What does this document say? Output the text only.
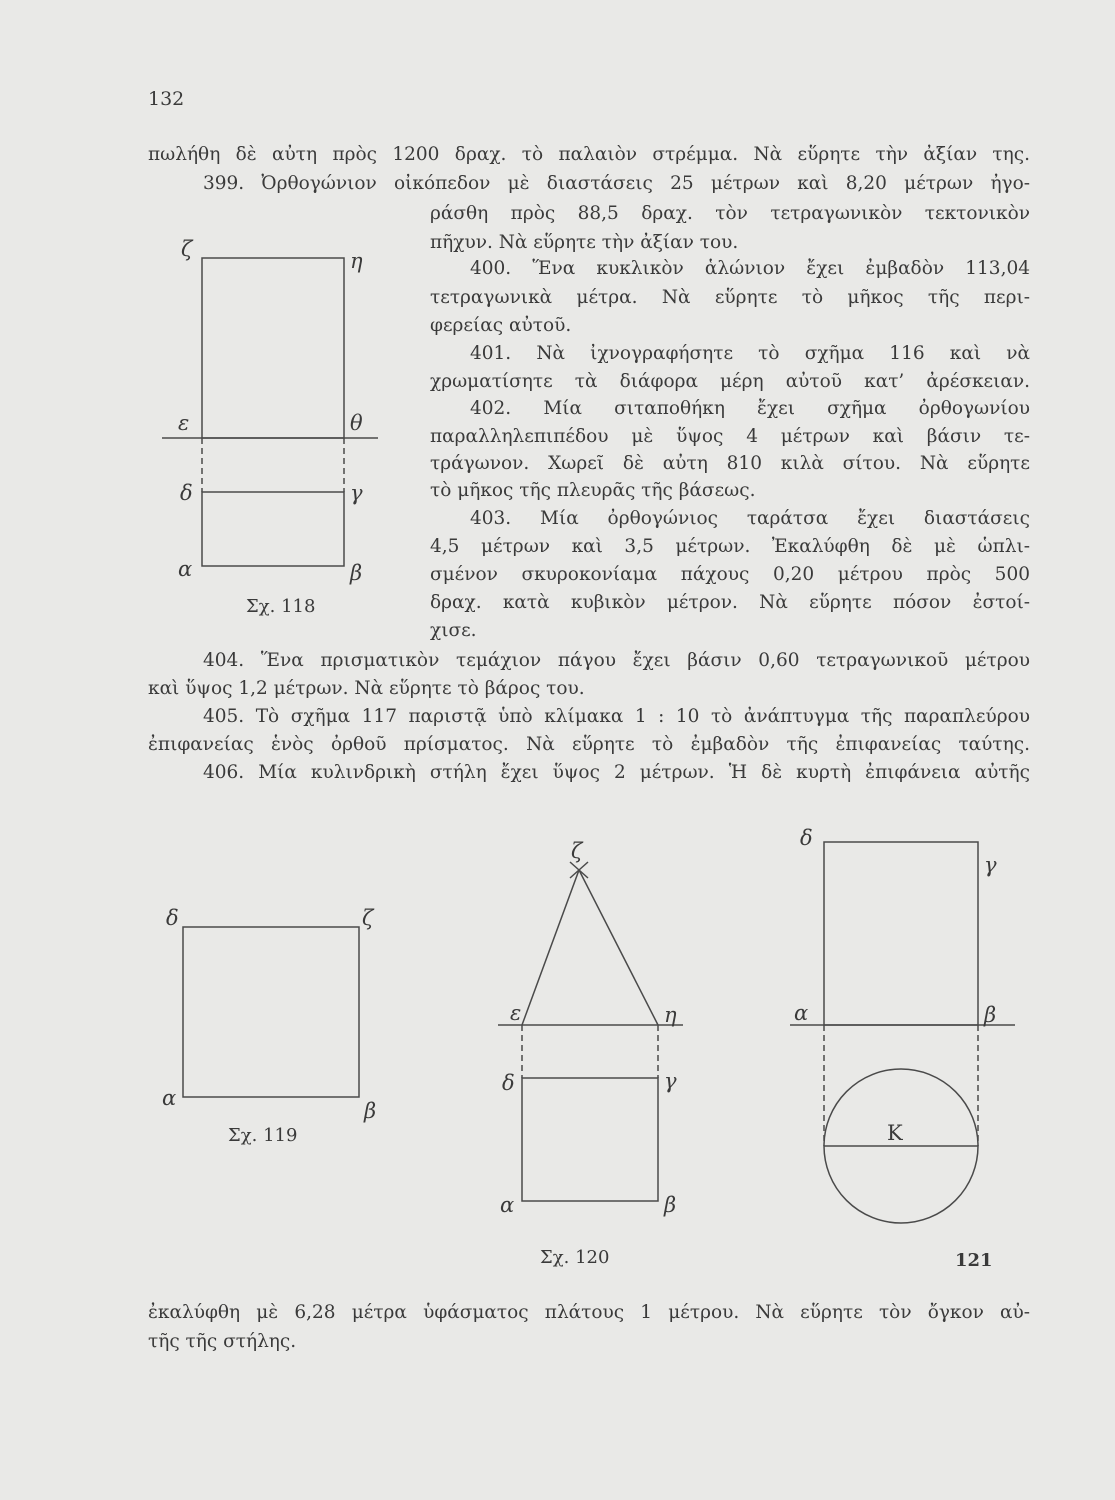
132
πωλήθη δὲ αὐτη πρὸς 1200 δραχ. τὸ παλαιὸν στρέμμα. Νὰ εὕρητε τὴν ἀξίαν της.
399. Ὀρθογώνιον οἰκόπεδον μὲ διαστάσεις 25 μέτρων καὶ 8,20 μέτρων ἠγο-
ράσθη πρὸς 88,5 δραχ. τὸν τετραγωνικὸν τεκτονικὸν
πῆχυν. Νὰ εὕρητε τὴν ἀξίαν του.
400. Ἕνα κυκλικὸν ἁλώνιον ἔχει ἐμβαδὸν 113,04
τετραγωνικὰ μέτρα. Νὰ εὕρητε τὸ μῆκος τῆς περι-
φερείας αὐτοῦ.
401. Νὰ ἰχνογραφήσητε τὸ σχῆμα 116 καὶ νὰ
χρωματίσητε τὰ διάφορα μέρη αὐτοῦ κατ’ ἀρέσκειαν.
402. Μία σιταποθήκη ἔχει σχῆμα ὀρθογωνίου
παραλληλεπιπέδου μὲ ὕψος 4 μέτρων καὶ βάσιν τε-
τράγωνον. Χωρεῖ δὲ αὐτη 810 κιλὰ σίτου. Νὰ εὕρητε
τὸ μῆκος τῆς πλευρᾶς τῆς βάσεως.
403. Μία ὀρθογώνιος ταράτσα ἔχει διαστάσεις
4,5 μέτρων καὶ 3,5 μέτρων. Ἐκαλύφθη δὲ μὲ ὡπλι-
σμένον σκυροκονίαμα πάχους 0,20 μέτρου πρὸς 500
δραχ. κατὰ κυβικὸν μέτρον. Νὰ εὕρητε πόσον ἐστοί-
χισε.
404. Ἕνα πρισματικὸν τεμάχιον πάγου ἔχει βάσιν 0,60 τετραγωνικοῦ μέτρου
καὶ ὕψος 1,2 μέτρων. Νὰ εὕρητε τὸ βάρος του.
405. Τὸ σχῆμα 117 παριστᾷ ὑπὸ κλίμακα 1 : 10 τὸ ἀνάπτυγμα τῆς παραπλεύρου
ἐπιφανείας ἑνὸς ὀρθοῦ πρίσματος. Νὰ εὕρητε τὸ ἐμβαδὸν τῆς ἐπιφανείας ταύτης.
406. Μία κυλινδρικὴ στήλη ἔχει ὕψος 2 μέτρων. Ἡ δὲ κυρτὴ ἐπιφάνεια αὐτῆς
ἐκαλύφθη μὲ 6,28 μέτρα ὑφάσματος πλάτους 1 μέτρου. Νὰ εὕρητε τὸν ὄγκον αὐ-
τῆς τῆς στήλης.
Σχ. 118
Σχ. 119
Σχ. 120	121
ζ	η
ε	θ
δ	γ
α	β
δ	ζ
α
β
ζ
ε	η
δ	γ
α	β
δ
γ
α	β
Κ
